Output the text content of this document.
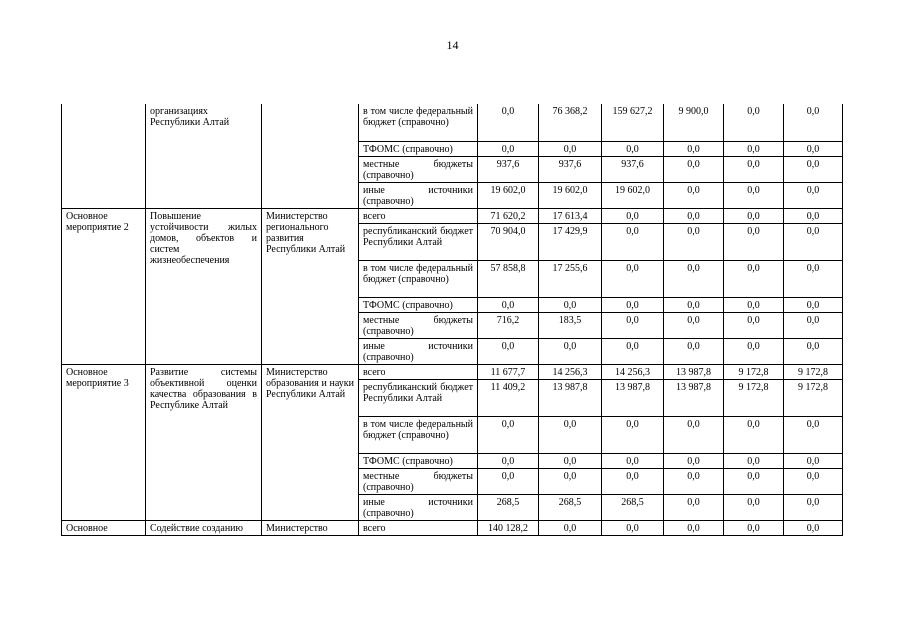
14
	организациях Республики Алтай		в том числе федеральный бюджет (справочно)	0,0	76 368,2	159 627,2	9 900,0	0,0	0,0
			ТФОМС (справочно)	0,0	0,0	0,0	0,0	0,0	0,0
			местные бюджеты (справочно)	937,6	937,6	937,6	0,0	0,0	0,0
			иные источники (справочно)	19 602,0	19 602,0	19 602,0	0,0	0,0	0,0
Основное мероприятие 2	Повышение устойчивости жилых домов, объектов и систем жизнеобеспечения	Министерство регионального развития Республики Алтай	всего	71 620,2	17 613,4	0,0	0,0	0,0	0,0
			республиканский бюджет Республики Алтай	70 904,0	17 429,9	0,0	0,0	0,0	0,0
			в том числе федеральный бюджет (справочно)	57 858,8	17 255,6	0,0	0,0	0,0	0,0
			ТФОМС (справочно)	0,0	0,0	0,0	0,0	0,0	0,0
			местные бюджеты (справочно)	716,2	183,5	0,0	0,0	0,0	0,0
			иные источники (справочно)	0,0	0,0	0,0	0,0	0,0	0,0
Основное мероприятие 3	Развитие системы объективной оценки качества образования в Республике Алтай	Министерство образования и науки Республики Алтай	всего	11 677,7	14 256,3	14 256,3	13 987,8	9 172,8	9 172,8
			республиканский бюджет Республики Алтай	11 409,2	13 987,8	13 987,8	13 987,8	9 172,8	9 172,8
			в том числе федеральный бюджет (справочно)	0,0	0,0	0,0	0,0	0,0	0,0
			ТФОМС (справочно)	0,0	0,0	0,0	0,0	0,0	0,0
			местные бюджеты (справочно)	0,0	0,0	0,0	0,0	0,0	0,0
			иные источники (справочно)	268,5	268,5	268,5	0,0	0,0	0,0
Основное	Содействие созданию	Министерство	всего	140 128,2	0,0	0,0	0,0	0,0	0,0
